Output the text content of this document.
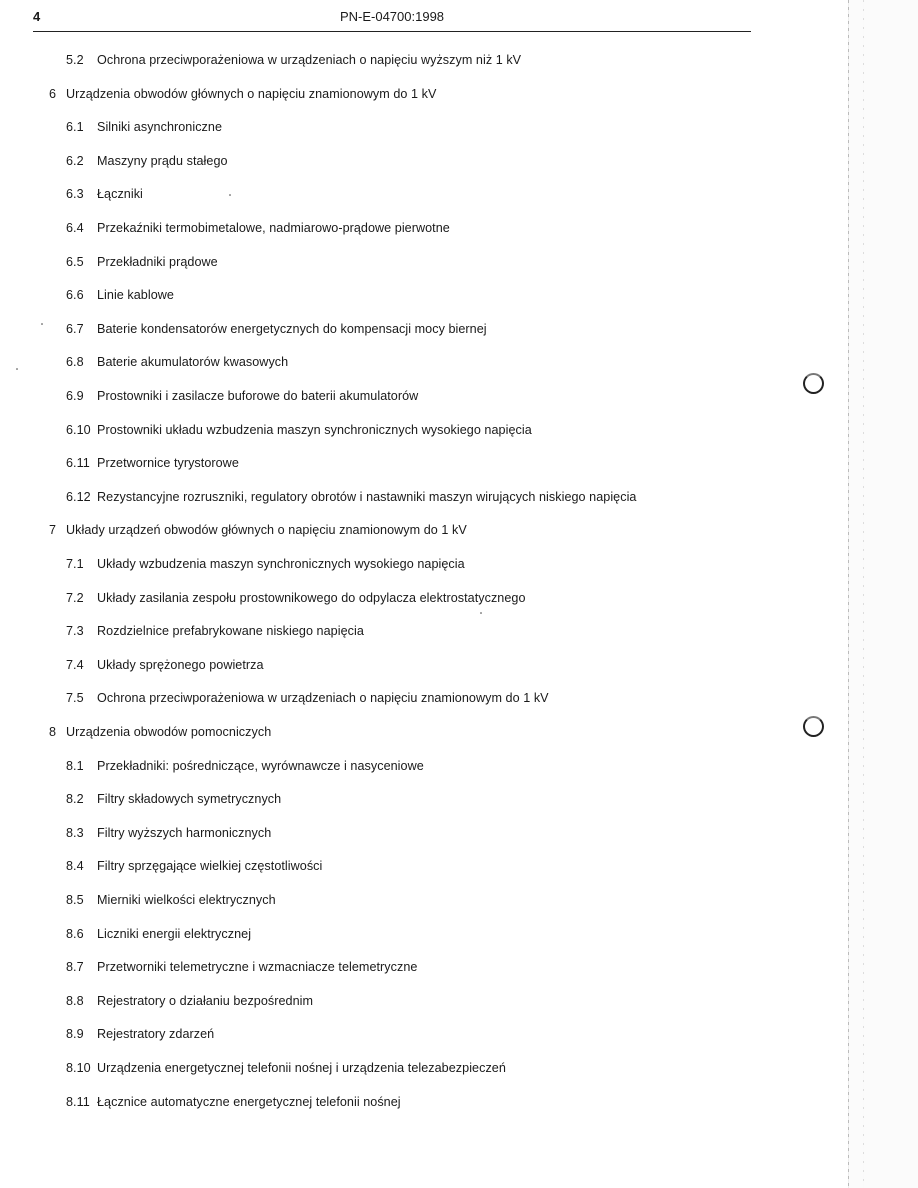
4	PN-E-04700:1998
5.2 Ochrona przeciwporażeniowa w urządzeniach o napięciu wyższym niż 1 kV
6 Urządzenia obwodów głównych o napięciu znamionowym do 1 kV
6.1 Silniki asynchroniczne
6.2 Maszyny prądu stałego
6.3 Łączniki
6.4 Przekaźniki termobimetalowe, nadmiarowo-prądowe pierwotne
6.5 Przekładniki prądowe
6.6 Linie kablowe
6.7 Baterie kondensatorów energetycznych do kompensacji mocy biernej
6.8 Baterie akumulatorów kwasowych
6.9 Prostowniki i zasilacze buforowe do baterii akumulatorów
6.10 Prostowniki układu wzbudzenia maszyn synchronicznych wysokiego napięcia
6.11 Przetwornice tyrystorowe
6.12 Rezystancyjne rozruszniki, regulatory obrotów i nastawniki maszyn wirujących niskiego napięcia
7 Układy urządzeń obwodów głównych o napięciu znamionowym do 1 kV
7.1 Układy wzbudzenia maszyn synchronicznych wysokiego napięcia
7.2 Układy zasilania zespołu prostownikowego do odpylacza elektrostatycznego
7.3 Rozdzielnice prefabrykowane niskiego napięcia
7.4 Układy sprężonego powietrza
7.5 Ochrona przeciwporażeniowa w urządzeniach o napięciu znamionowym do 1 kV
8 Urządzenia obwodów pomocniczych
8.1 Przekładniki: pośredniczące, wyrównawcze i nasyceniowe
8.2 Filtry składowych symetrycznych
8.3 Filtry wyższych harmonicznych
8.4 Filtry sprzęgające wielkiej częstotliwości
8.5 Mierniki wielkości elektrycznych
8.6 Liczniki energii elektrycznej
8.7 Przetworniki telemetryczne i wzmacniacze telemetryczne
8.8 Rejestratory o działaniu bezpośrednim
8.9 Rejestratory zdarzeń
8.10 Urządzenia energetycznej telefonii nośnej i urządzenia telezabezpieczeń
8.11 Łącznice automatyczne energetycznej telefonii nośnej
